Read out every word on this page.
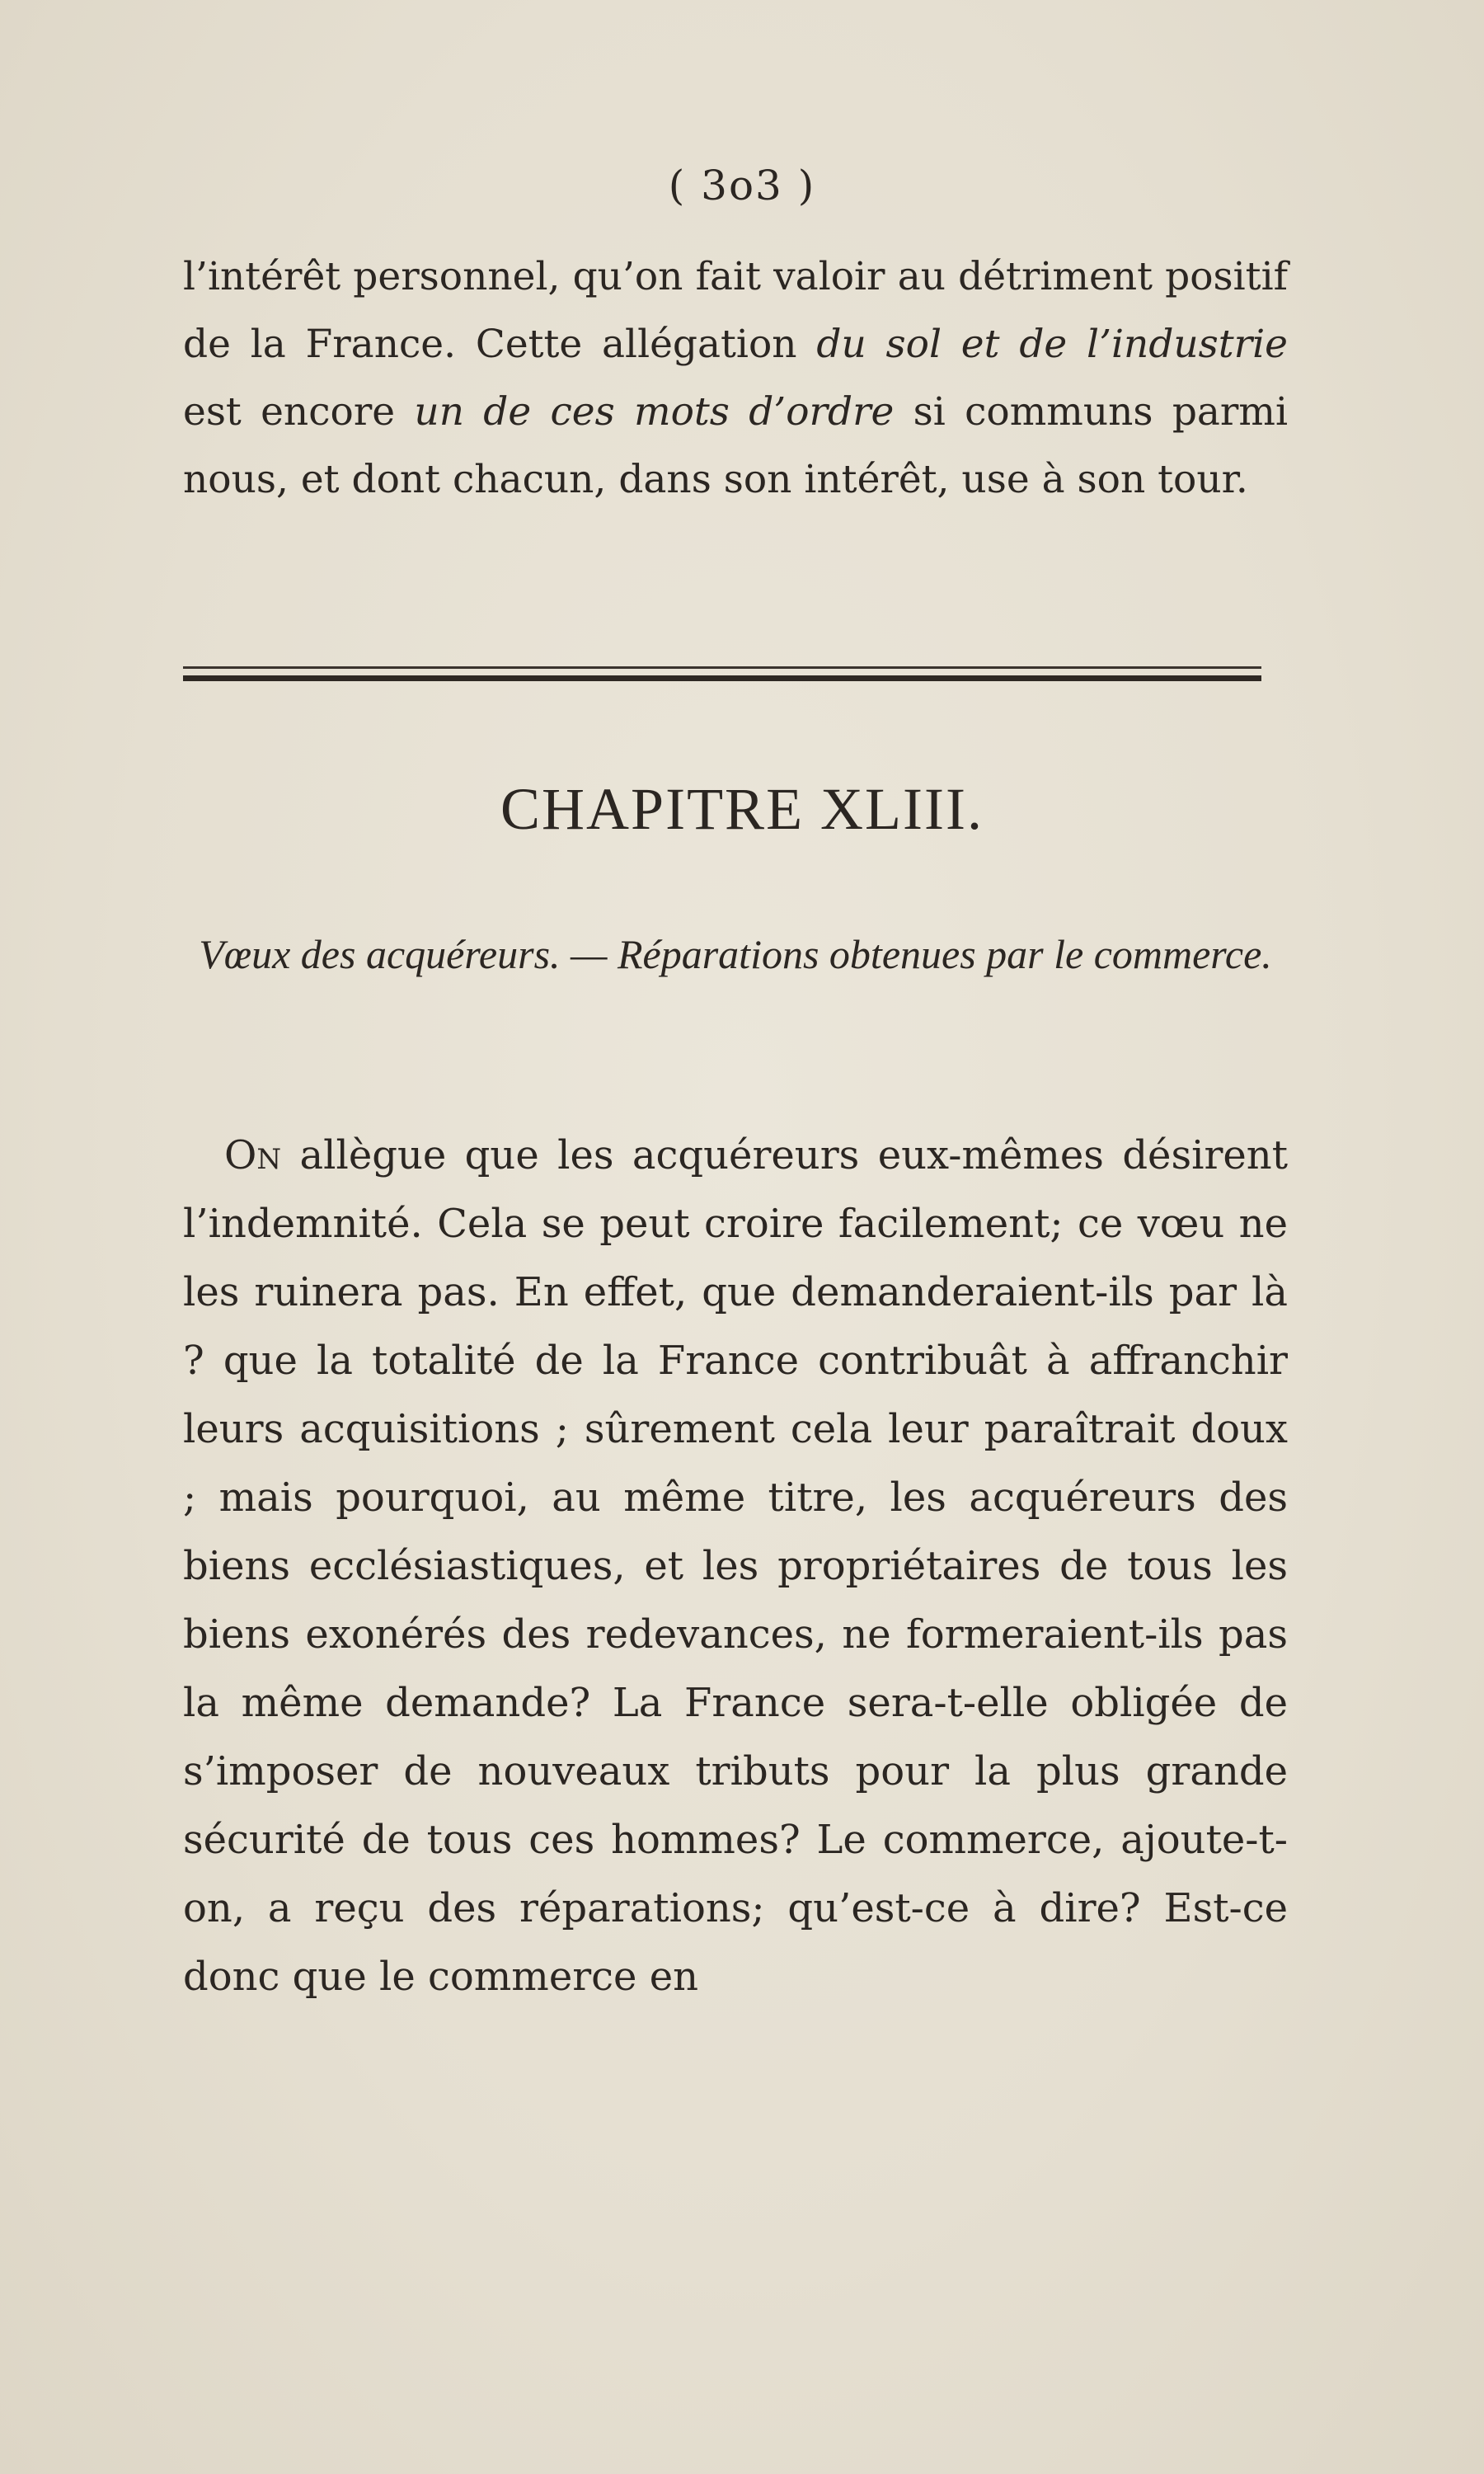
( 3o3 )

l’intérêt personnel, qu’on fait valoir au détriment positif de la France. Cette allégation du sol et de l’industrie est encore un de ces mots d’ordre si communs parmi nous, et dont chacun, dans son intérêt, use à son tour.

CHAPITRE XLIII.
Vœux des acquéreurs. — Réparations obtenues par le commerce.

On allègue que les acquéreurs eux-mêmes désirent l’indemnité. Cela se peut croire facilement; ce vœu ne les ruinera pas. En effet, que demanderaient-ils par là ? que la totalité de la France contribuât à affranchir leurs acquisitions ; sûrement cela leur paraîtrait doux ; mais pourquoi, au même titre, les acquéreurs des biens ecclésiastiques, et les propriétaires de tous les biens exonérés des redevances, ne formeraient-ils pas la même demande? La France sera-t-elle obligée de s’imposer de nouveaux tributs pour la plus grande sécurité de tous ces hommes? Le commerce, ajoute-t-on, a reçu des réparations; qu’est-ce à dire? Est-ce donc que le commerce en
